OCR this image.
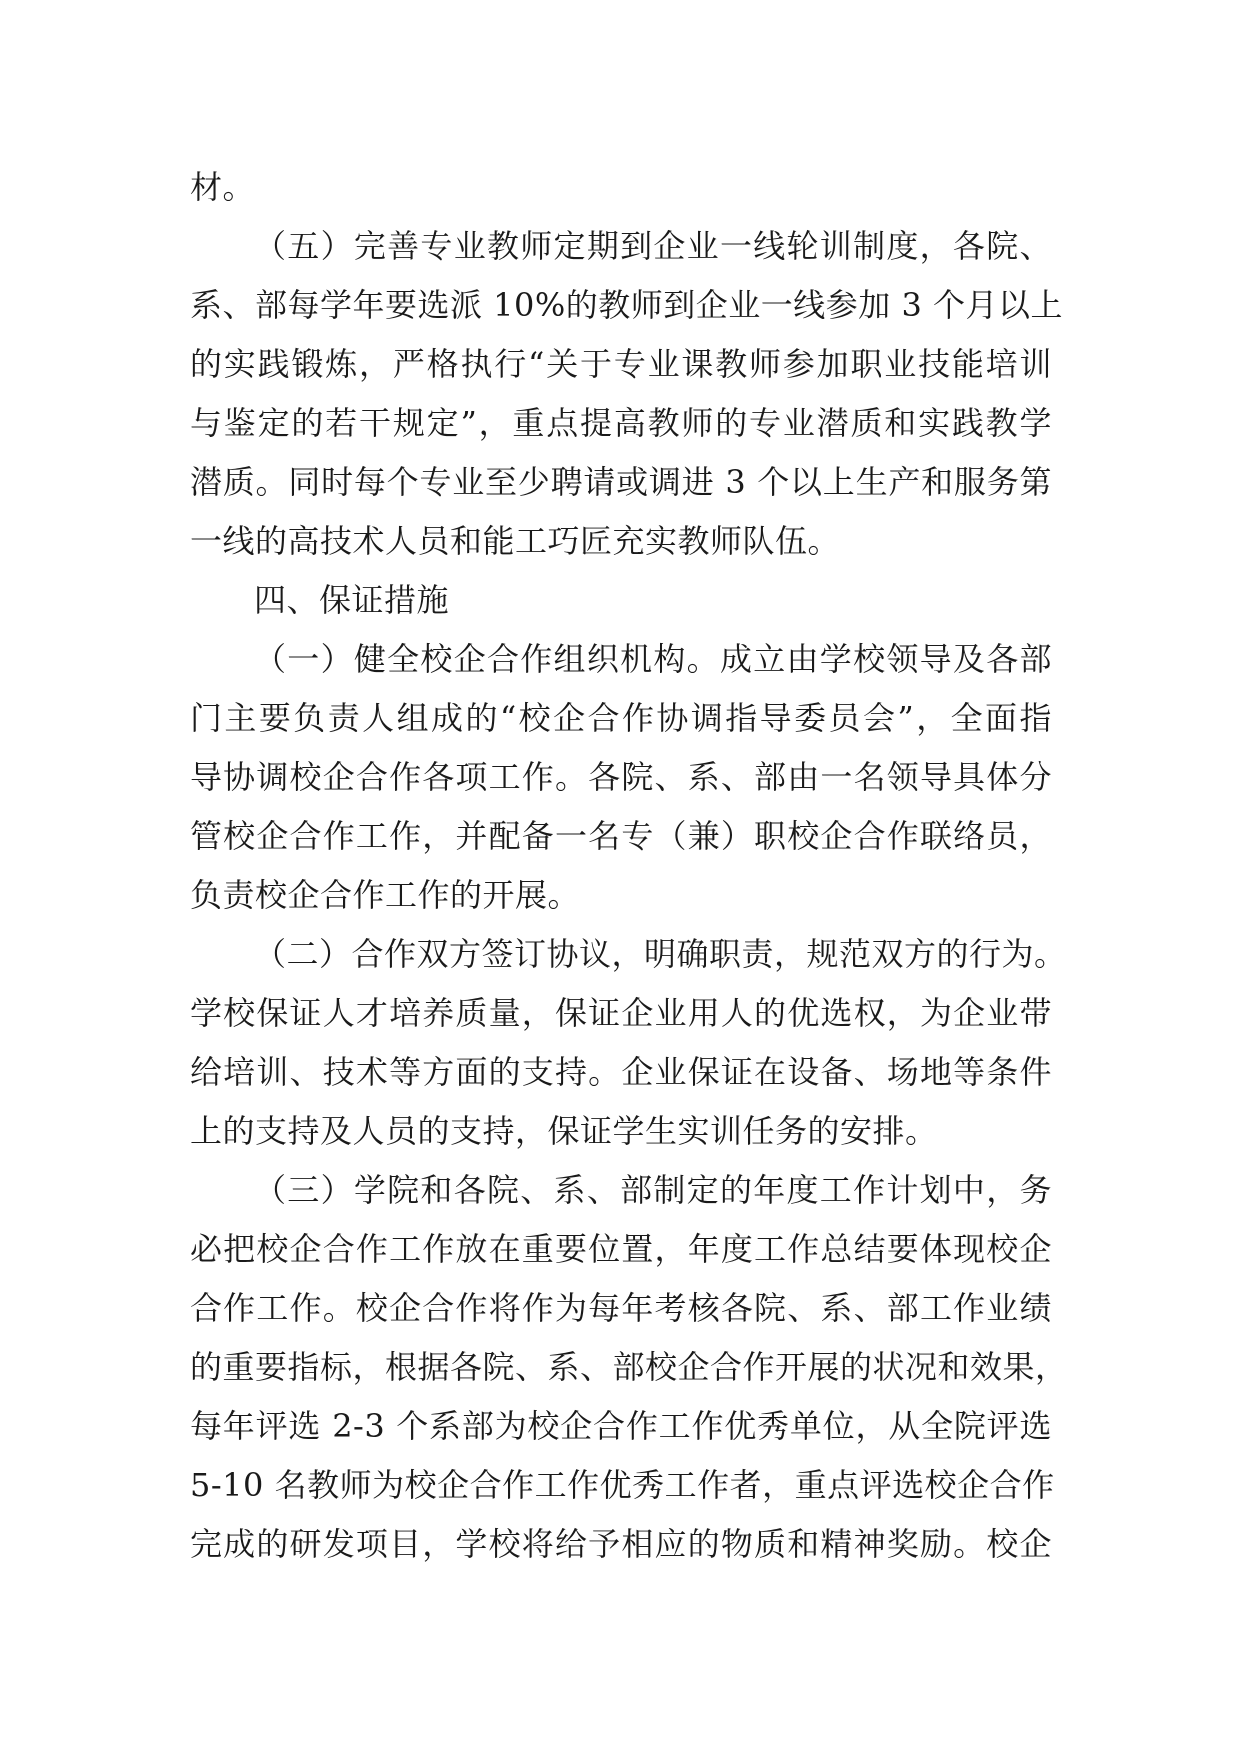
材。
（五）完善专业教师定期到企业一线轮训制度，各院、
系、部每学年要选派 10%的教师到企业一线参加 3 个月以上
的实践锻炼，严格执行“关于专业课教师参加职业技能培训
与鉴定的若干规定”，重点提高教师的专业潜质和实践教学
潜质。同时每个专业至少聘请或调进 3 个以上生产和服务第
一线的高技术人员和能工巧匠充实教师队伍。
四、保证措施
（一）健全校企合作组织机构。成立由学校领导及各部
门主要负责人组成的“校企合作协调指导委员会”，全面指
导协调校企合作各项工作。各院、系、部由一名领导具体分
管校企合作工作，并配备一名专（兼）职校企合作联络员，
负责校企合作工作的开展。
（二）合作双方签订协议，明确职责，规范双方的行为。
学校保证人才培养质量，保证企业用人的优选权，为企业带
给培训、技术等方面的支持。企业保证在设备、场地等条件
上的支持及人员的支持，保证学生实训任务的安排。
（三）学院和各院、系、部制定的年度工作计划中，务
必把校企合作工作放在重要位置，年度工作总结要体现校企
合作工作。校企合作将作为每年考核各院、系、部工作业绩
的重要指标，根据各院、系、部校企合作开展的状况和效果，
每年评选 2-3 个系部为校企合作工作优秀单位，从全院评选
5-10 名教师为校企合作工作优秀工作者，重点评选校企合作
完成的研发项目，学校将给予相应的物质和精神奖励。校企
